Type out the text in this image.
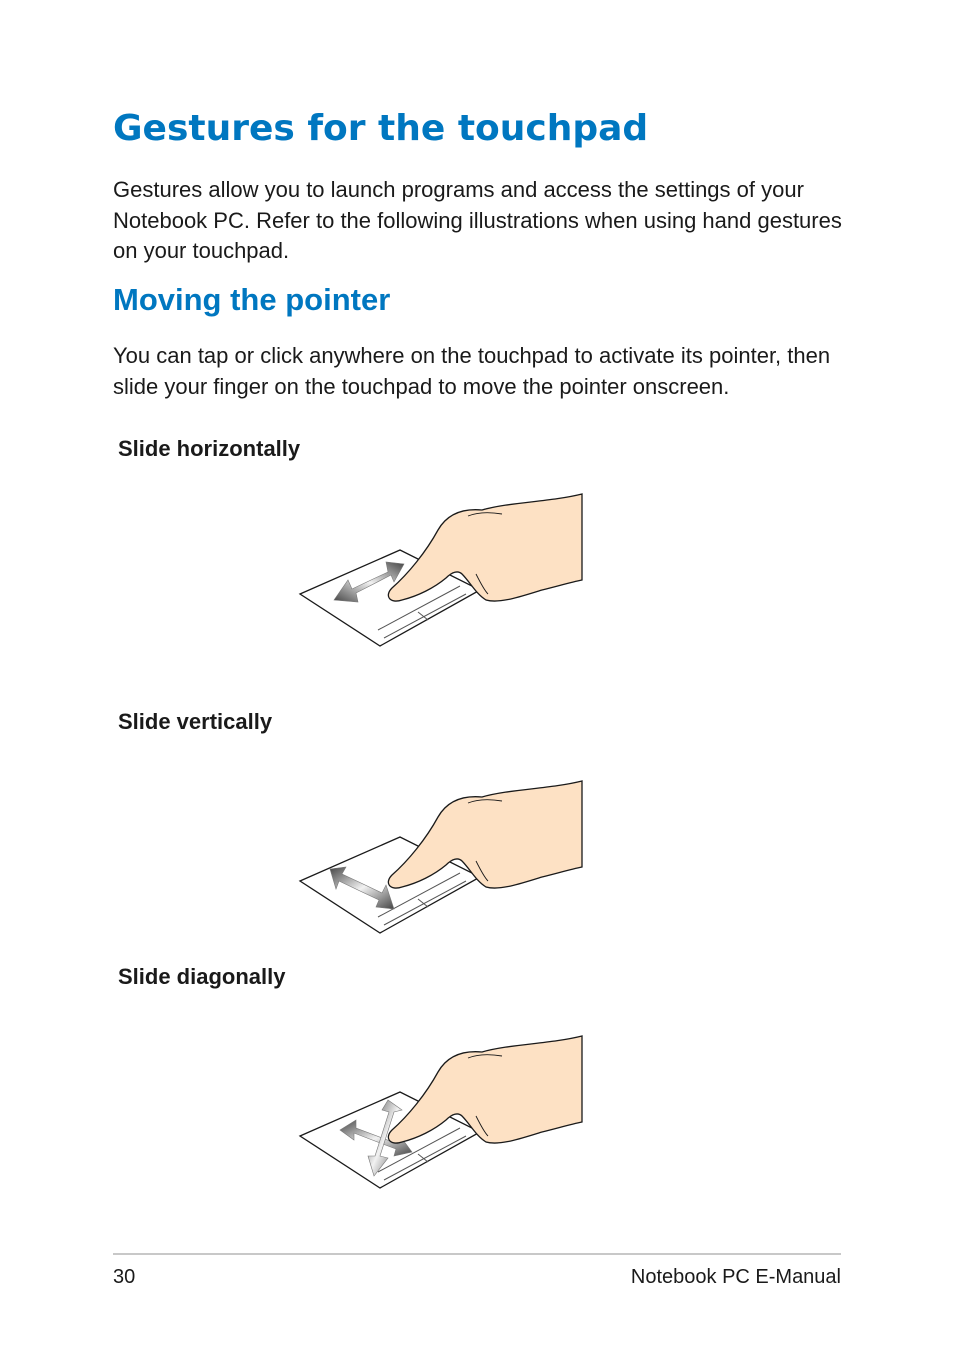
Gestures for the touchpad

Gestures allow you to launch programs and access the settings of your Notebook PC. Refer to the following illustrations when using hand gestures on your touchpad.

Moving the pointer

You can tap or click anywhere on the touchpad to activate its pointer, then slide your finger on the touchpad to move the pointer onscreen.

Slide horizontally
Slide vertically
Slide diagonally
30	Notebook PC E-Manual
